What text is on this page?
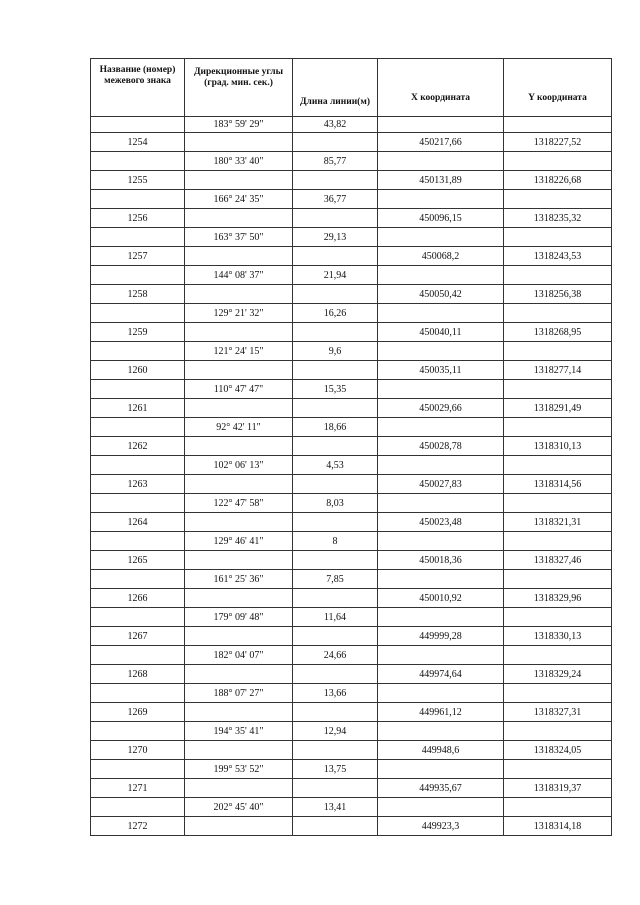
Название (номер) межевого знака	Дирекционные углы (град. мин. сек.)	Длина линии(м)	X координата	Y координата
	183° 59' 29"	43,82		
1254			450217,66	1318227,52
	180° 33' 40"	85,77		
1255			450131,89	1318226,68
	166° 24' 35"	36,77		
1256			450096,15	1318235,32
	163° 37' 50"	29,13		
1257			450068,2	1318243,53
	144° 08' 37"	21,94		
1258			450050,42	1318256,38
	129° 21' 32"	16,26		
1259			450040,11	1318268,95
	121° 24' 15"	9,6		
1260			450035,11	1318277,14
	110° 47' 47"	15,35		
1261			450029,66	1318291,49
	92° 42' 11"	18,66		
1262			450028,78	1318310,13
	102° 06' 13"	4,53		
1263			450027,83	1318314,56
	122° 47' 58"	8,03		
1264			450023,48	1318321,31
	129° 46' 41"	8		
1265			450018,36	1318327,46
	161° 25' 36"	7,85		
1266			450010,92	1318329,96
	179° 09' 48"	11,64		
1267			449999,28	1318330,13
	182° 04' 07"	24,66		
1268			449974,64	1318329,24
	188° 07' 27"	13,66		
1269			449961,12	1318327,31
	194° 35' 41"	12,94		
1270			449948,6	1318324,05
	199° 53' 52"	13,75		
1271			449935,67	1318319,37
	202° 45' 40"	13,41		
1272			449923,3	1318314,18
